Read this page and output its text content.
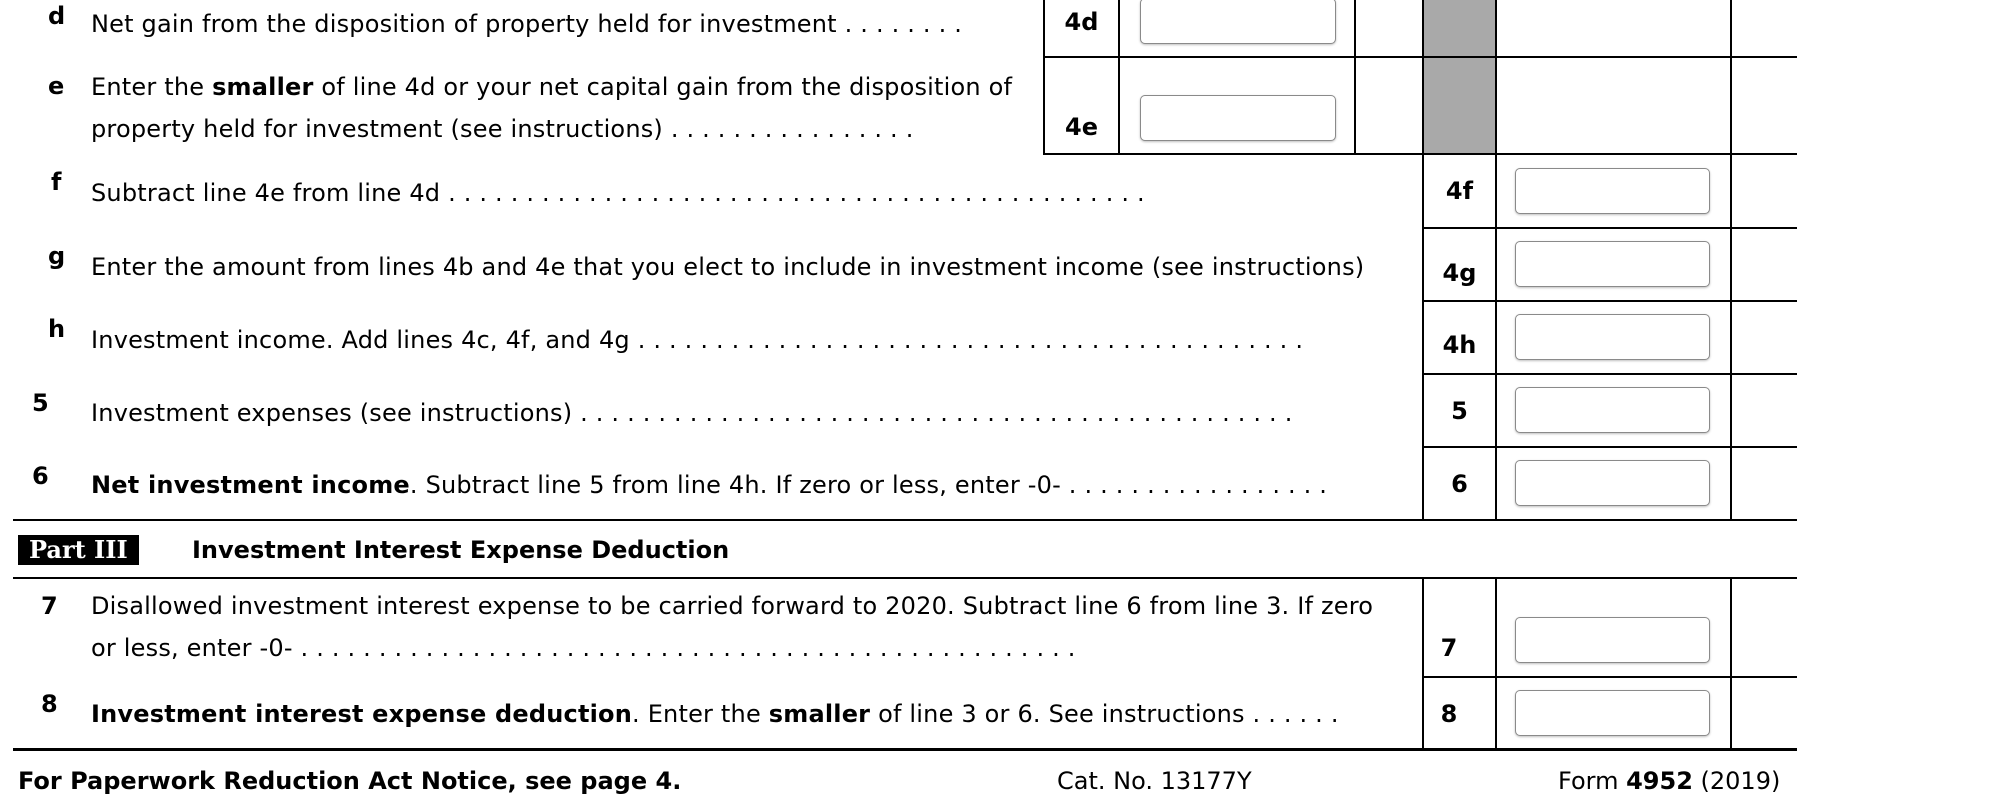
d Net gain from the disposition of property held for investment . . . . . . . .	4d
e Enter the smaller of line 4d or your net capital gain from the disposition of
property held for investment (see instructions) . . . . . . . . . . . . . . . .	4e
f Subtract line 4e from line 4d . . . . . . . . . . . . . . . . . . . . . . . . . . . . . . . . . . . . . . . . . . . . .	4f
g Enter the amount from lines 4b and 4e that you elect to include in investment income (see instructions)	4g
h Investment income. Add lines 4c, 4f, and 4g . . . . . . . . . . . . . . . . . . . . . . . . . . . . . . . . . . . . . . . . . . .	4h
5 Investment expenses (see instructions) . . . . . . . . . . . . . . . . . . . . . . . . . . . . . . . . . . . . . . . . . . . . . .	5
6 Net investment income. Subtract line 5 from line 4h. If zero or less, enter -0- . . . . . . . . . . . . . . . . .	6
Part III	Investment Interest Expense Deduction
7 Disallowed investment interest expense to be carried forward to 2020. Subtract line 6 from line 3. If zero
or less, enter -0- . . . . . . . . . . . . . . . . . . . . . . . . . . . . . . . . . . . . . . . . . . . . . . . . . .	7
8 Investment interest expense deduction. Enter the smaller of line 3 or 6. See instructions . . . . . .	8
For Paperwork Reduction Act Notice, see page 4.	Cat. No. 13177Y	Form 4952 (2019)
